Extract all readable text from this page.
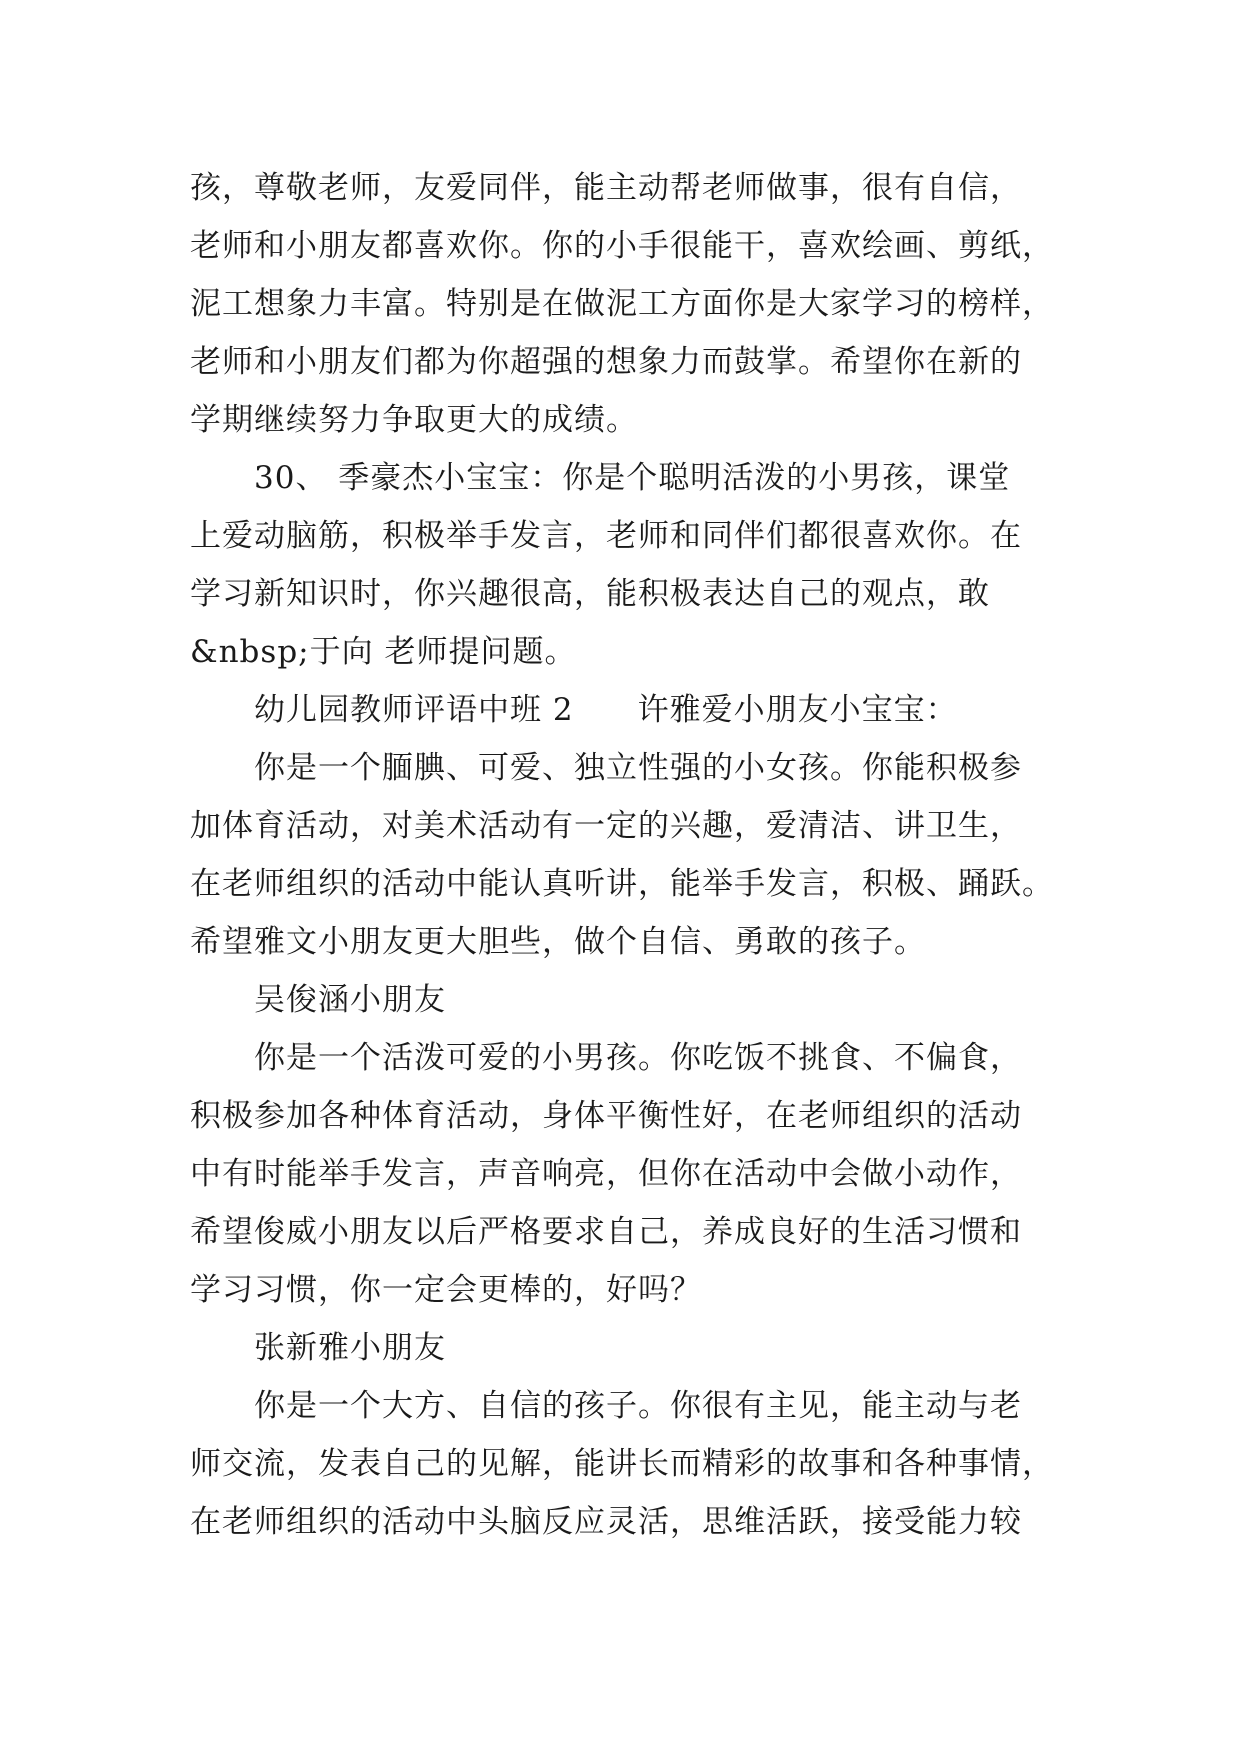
孩，尊敬老师，友爱同伴，能主动帮老师做事，很有自信，
老师和小朋友都喜欢你。你的小手很能干，喜欢绘画、剪纸，
泥工想象力丰富。特别是在做泥工方面你是大家学习的榜样，
老师和小朋友们都为你超强的想象力而鼓掌。希望你在新的
学期继续努力争取更大的成绩。
30、 季豪杰小宝宝：你是个聪明活泼的小男孩，课堂
上爱动脑筋，积极举手发言，老师和同伴们都很喜欢你。在
学习新知识时，你兴趣很高，能积极表达自己的观点，敢
&nbsp;于向 老师提问题。
幼儿园教师评语中班 2　　许雅爱小朋友小宝宝：
你是一个腼腆、可爱、独立性强的小女孩。你能积极参
加体育活动，对美术活动有一定的兴趣，爱清洁、讲卫生，
在老师组织的活动中能认真听讲，能举手发言，积极、踊跃。
希望雅文小朋友更大胆些，做个自信、勇敢的孩子。
吴俊涵小朋友
你是一个活泼可爱的小男孩。你吃饭不挑食、不偏食，
积极参加各种体育活动，身体平衡性好，在老师组织的活动
中有时能举手发言，声音响亮，但你在活动中会做小动作，
希望俊威小朋友以后严格要求自己，养成良好的生活习惯和
学习习惯，你一定会更棒的，好吗？
张新雅小朋友
你是一个大方、自信的孩子。你很有主见，能主动与老
师交流，发表自己的见解，能讲长而精彩的故事和各种事情，
在老师组织的活动中头脑反应灵活，思维活跃，接受能力较
